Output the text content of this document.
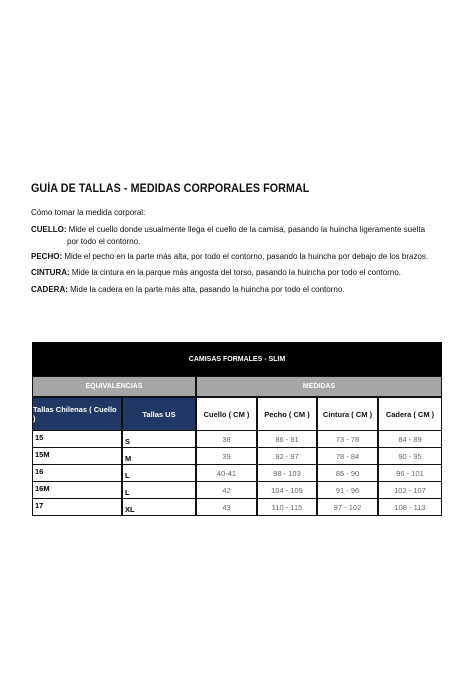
GUÍA DE TALLAS - MEDIDAS CORPORALES FORMAL
Cómo tomar la medida corporal:
CUELLO: Mide el cuello donde usualmente llega el cuello de la camisa, pasando la huincha ligeramente suelta
por todo el contorno.
PECHO: Mide el pecho en la parte más alta, por todo el contorno, pasando la huincha por debajo de los brazos.
CINTURA: Mide la cintura en la parque más angosta del torso, pasando la huincha por todo el contorno.
CADERA: Mide la cadera en la parte más alta, pasando la huincha por todo el contorno.
CAMISAS FORMALES - SLIM
EQUIVALENCIAS	MEDIDAS
Tallas Chilenas ( Cuello )	Tallas US	Cuello ( CM )	Pecho ( CM )	Cintura ( CM )	Cadera ( CM )
15	S	38	86 - 91	73 - 78	84 - 89
15M	M	39	92 - 97	78 - 84	90 - 95
16	L	40-41	98 - 103	85 - 90	96 - 101
16M	L	42	104 - 109	91 - 96	102 - 107
17	XL	43	110 - 115	97 - 102	108 - 113
